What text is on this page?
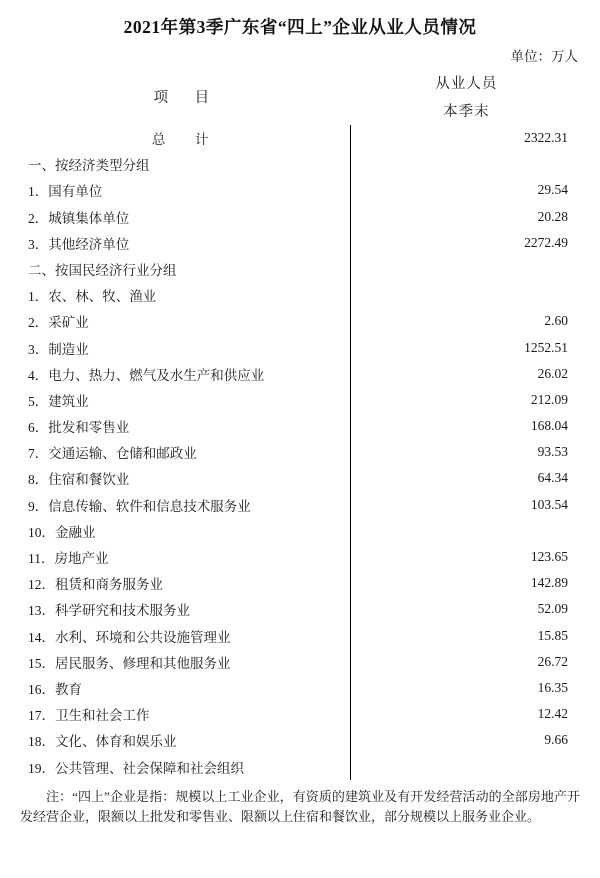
2021年第3季广东省“四上”企业从业人员情况
单位：万人
项　目	从业人员
	本季末
总　计	2322.31
一、按经济类型分组	
1．国有单位	29.54
2．城镇集体单位	20.28
3．其他经济单位	2272.49
二、按国民经济行业分组	
1．农、林、牧、渔业	
2．采矿业	2.60
3．制造业	1252.51
4．电力、热力、燃气及水生产和供应业	26.02
5．建筑业	212.09
6．批发和零售业	168.04
7．交通运输、仓储和邮政业	93.53
8．住宿和餐饮业	64.34
9．信息传输、软件和信息技术服务业	103.54
10．金融业	
11．房地产业	123.65
12．租赁和商务服务业	142.89
13．科学研究和技术服务业	52.09
14．水利、环境和公共设施管理业	15.85
15．居民服务、修理和其他服务业	26.72
16．教育	16.35
17．卫生和社会工作	12.42
18．文化、体育和娱乐业	9.66
19．公共管理、社会保障和社会组织	
注：“四上”企业是指：规模以上工业企业，有资质的建筑业及有开发经营活动的全部房地产开发经营企业，限额以上批发和零售业、限额以上住宿和餐饮业，部分规模以上服务业企业。
